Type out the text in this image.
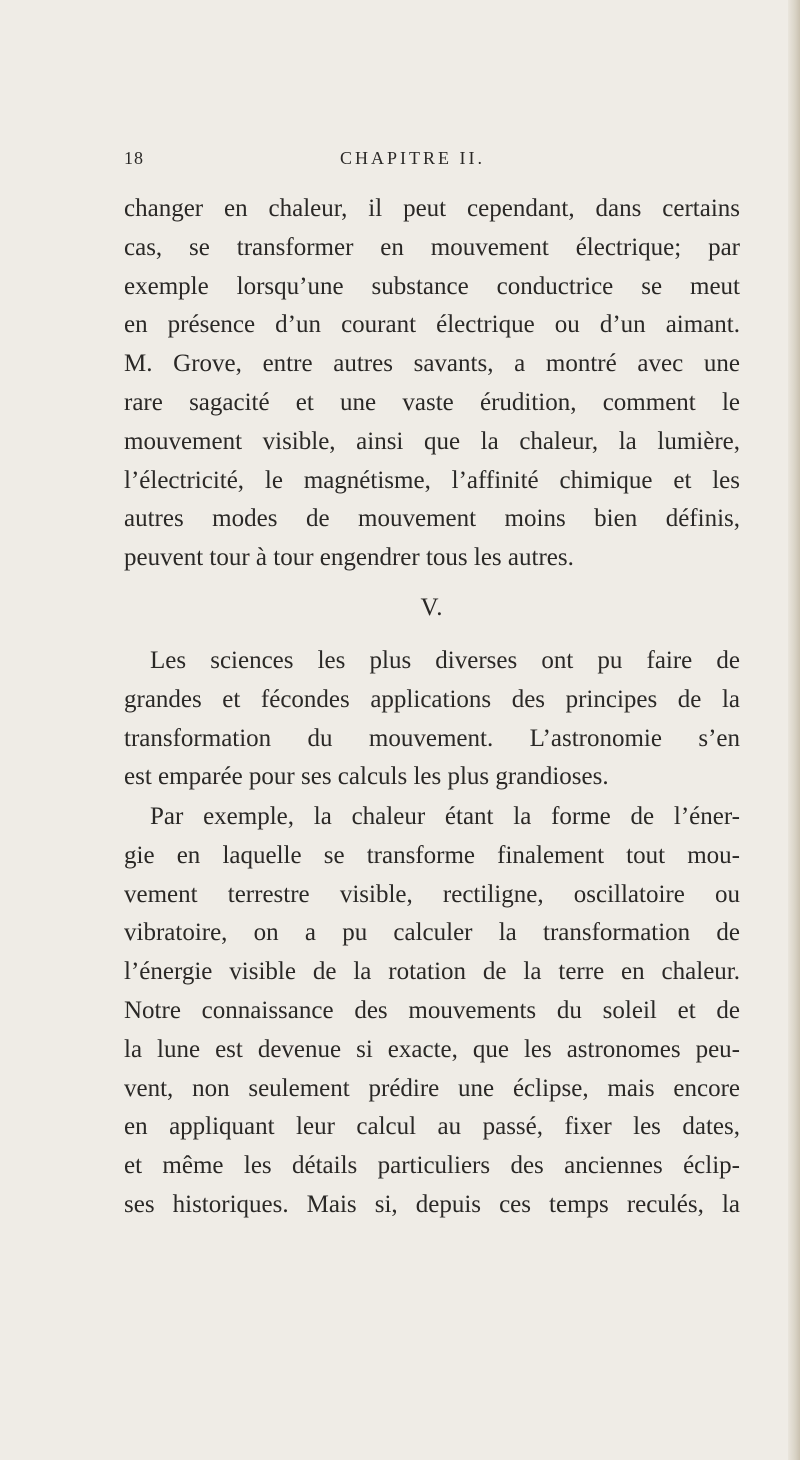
18	CHAPITRE II.
changer en chaleur, il peut cependant, dans certains
cas, se transformer en mouvement électrique; par
exemple lorsqu’une substance conductrice se meut
en présence d’un courant électrique ou d’un aimant.
M. Grove, entre autres savants, a montré avec une
rare sagacité et une vaste érudition, comment le
mouvement visible, ainsi que la chaleur, la lumière,
l’électricité, le magnétisme, l’affinité chimique et les
autres modes de mouvement moins bien définis,
peuvent tour à tour engendrer tous les autres.
V.
Les sciences les plus diverses ont pu faire de
grandes et fécondes applications des principes de la
transformation du mouvement. L’astronomie s’en
est emparée pour ses calculs les plus grandioses.
Par exemple, la chaleur étant la forme de l’éner-
gie en laquelle se transforme finalement tout mou-
vement terrestre visible, rectiligne, oscillatoire ou
vibratoire, on a pu calculer la transformation de
l’énergie visible de la rotation de la terre en chaleur.
Notre connaissance des mouvements du soleil et de
la lune est devenue si exacte, que les astronomes peu-
vent, non seulement prédire une éclipse, mais encore
en appliquant leur calcul au passé, fixer les dates,
et même les détails particuliers des anciennes éclip-
ses historiques. Mais si, depuis ces temps reculés, la
